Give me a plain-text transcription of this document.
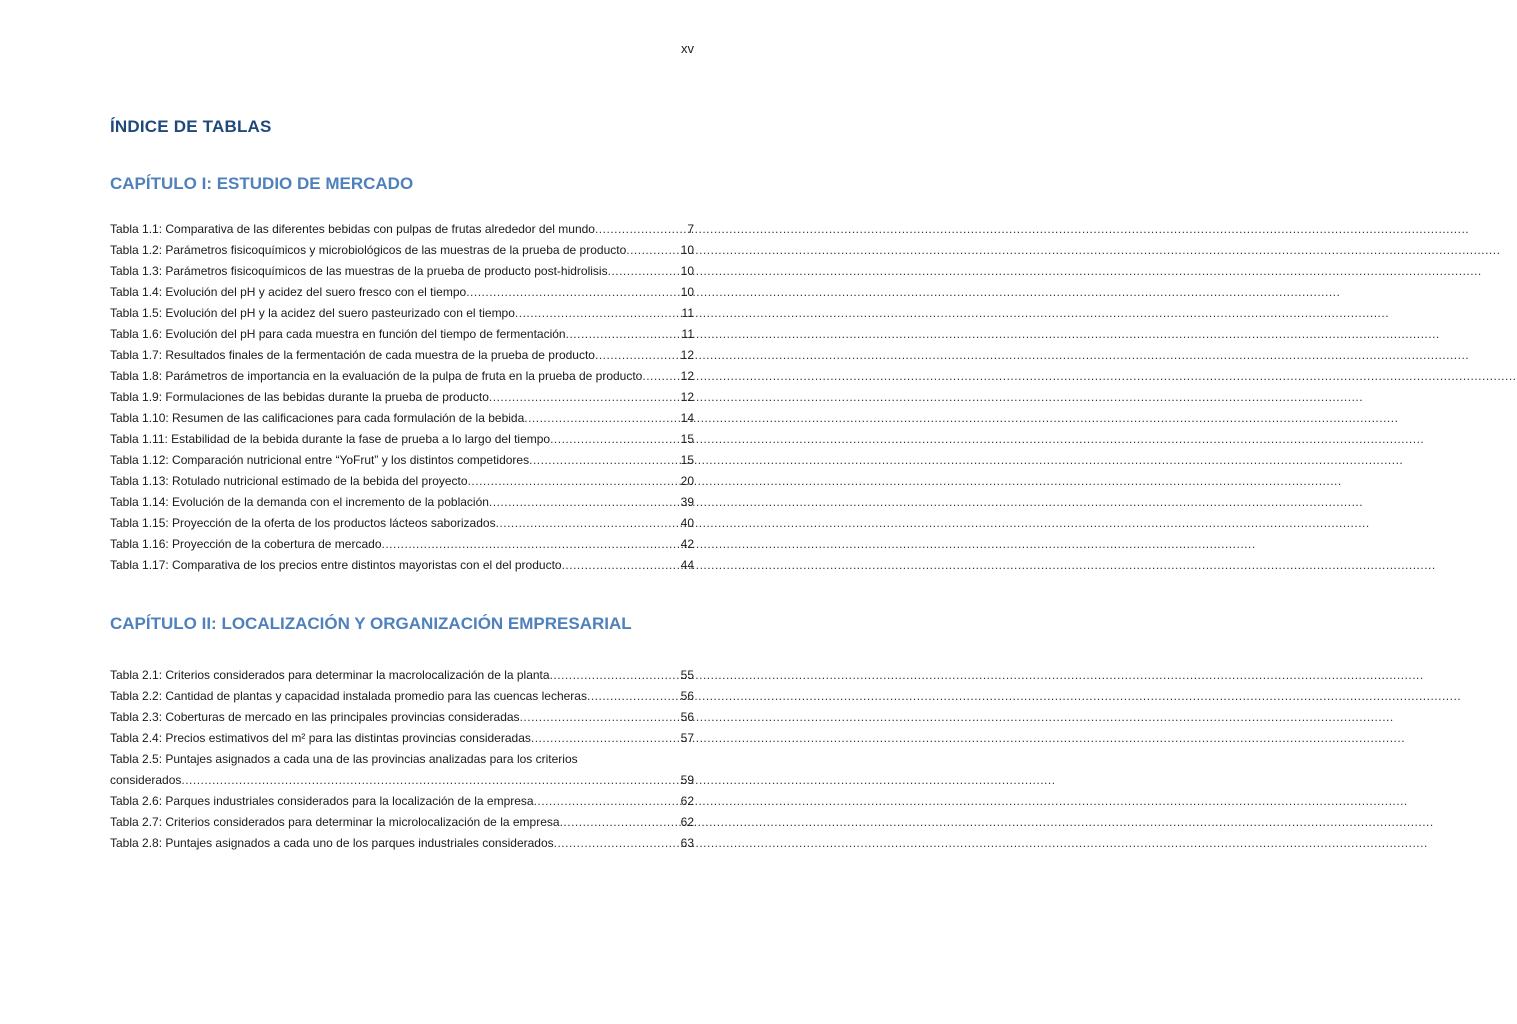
xv
ÍNDICE DE TABLAS
CAPÍTULO I: ESTUDIO DE MERCADO
Tabla 1.1: Comparativa de las diferentes bebidas con pulpas de frutas alrededor del mundo .....	7
Tabla 1.2: Parámetros fisicoquímicos y microbiológicos de las muestras de la prueba de producto .....	10
Tabla 1.3: Parámetros fisicoquímicos de las muestras de la prueba de producto post-hidrolisis .....	10
Tabla 1.4: Evolución del pH y acidez del suero fresco con el tiempo .....	10
Tabla 1.5: Evolución del pH y la acidez del suero pasteurizado con el tiempo .....	11
Tabla 1.6: Evolución del pH para cada muestra en función del tiempo de fermentación .....	11
Tabla 1.7: Resultados finales de la fermentación de cada muestra de la prueba de producto .....	12
Tabla 1.8: Parámetros de importancia en la evaluación de la pulpa de fruta en la prueba de producto .....	12
Tabla 1.9: Formulaciones de las bebidas durante la prueba de producto .....	12
Tabla 1.10: Resumen de las calificaciones para cada formulación de la bebida .....	14
Tabla 1.11: Estabilidad de la bebida durante la fase de prueba a lo largo del tiempo .....	15
Tabla 1.12: Comparación nutricional entre “YoFrut” y los distintos competidores .....	15
Tabla 1.13: Rotulado nutricional estimado de la bebida del proyecto .....	20
Tabla 1.14: Evolución de la demanda con el incremento de la población .....	39
Tabla 1.15: Proyección de la oferta de los productos lácteos saborizados .....	40
Tabla 1.16: Proyección de la cobertura de mercado .....	42
Tabla 1.17: Comparativa de los precios entre distintos mayoristas con el del producto .....	44
CAPÍTULO II: LOCALIZACIÓN Y ORGANIZACIÓN EMPRESARIAL
Tabla 2.1: Criterios considerados para determinar la macrolocalización de la planta .....	55
Tabla 2.2: Cantidad de plantas y capacidad instalada promedio para las cuencas lecheras .....	56
Tabla 2.3: Coberturas de mercado en las principales provincias consideradas .....	56
Tabla 2.4: Precios estimativos del m² para las distintas provincias consideradas .....	57
Tabla 2.5: Puntajes asignados a cada una de las provincias analizadas para los criterios
considerados .....	59
Tabla 2.6: Parques industriales considerados para la localización de la empresa .....	62
Tabla 2.7: Criterios considerados para determinar la microlocalización de la empresa .....	62
Tabla 2.8: Puntajes asignados a cada uno de los parques industriales considerados .....	63
